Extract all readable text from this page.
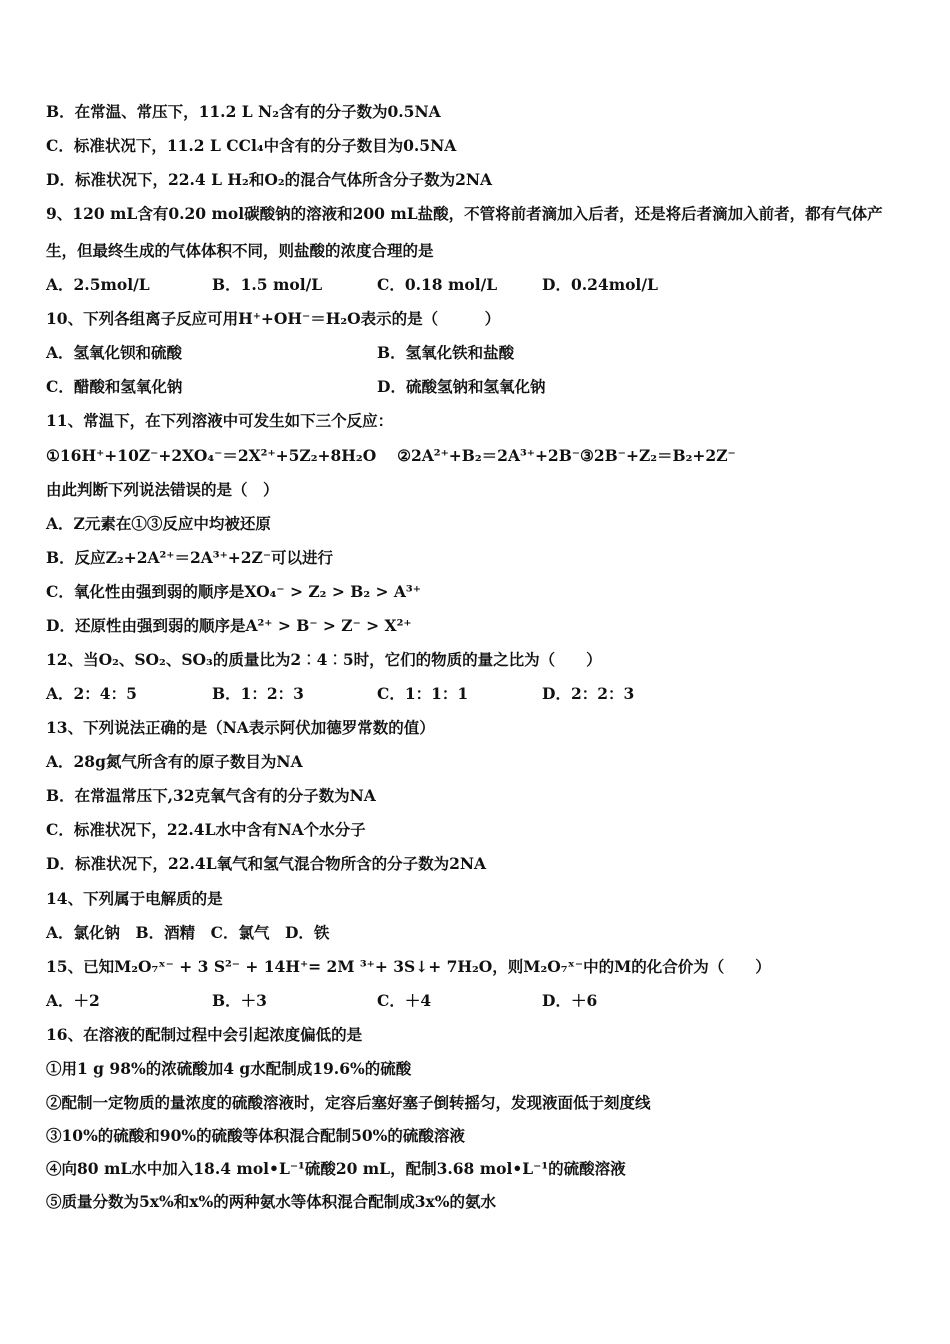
B．在常温、常压下，11.2 L N₂含有的分子数为0.5NA
C．标准状况下，11.2 L CCl₄中含有的分子数目为0.5NA
D．标准状况下，22.4 L H₂和O₂的混合气体所含分子数为2NA
9、120 mL含有0.20 mol碳酸钠的溶液和200 mL盐酸，不管将前者滴加入后者，还是将后者滴加入前者，都有气体产
生，但最终生成的气体体积不同，则盐酸的浓度合理的是
A．2.5mol/L	B．1.5 mol/L	C．0.18 mol/L	D．0.24mol/L
10、下列各组离子反应可用H⁺+OH⁻＝H₂O表示的是（　　　）
A．氢氧化钡和硫酸	B．氢氧化铁和盐酸
C．醋酸和氢氧化钠	D．硫酸氢钠和氢氧化钠
11、常温下，在下列溶液中可发生如下三个反应：
①16H⁺+10Z⁻+2XO₄⁻＝2X²⁺+5Z₂+8H₂O　 ②2A²⁺+B₂＝2A³⁺+2B⁻③2B⁻+Z₂＝B₂+2Z⁻
由此判断下列说法错误的是（　）
A．Z元素在①③反应中均被还原
B．反应Z₂+2A²⁺＝2A³⁺+2Z⁻可以进行
C．氧化性由强到弱的顺序是XO₄⁻ > Z₂ > B₂ > A³⁺
D．还原性由强到弱的顺序是A²⁺ > B⁻ > Z⁻ > X²⁺
12、当O₂、SO₂、SO₃的质量比为2︰4︰5时，它们的物质的量之比为（　　）
A．2：4：5	B．1：2：3	C．1：1：1	D．2：2：3
13、下列说法正确的是（NA表示阿伏加德罗常数的值）
A．28g氮气所含有的原子数目为NA
B．在常温常压下,32克氧气含有的分子数为NA
C．标准状况下，22.4L水中含有NA个水分子
D．标准状况下，22.4L氧气和氢气混合物所含的分子数为2NA
14、下列属于电解质的是
A．氯化钠　B．酒精　C．氯气　D．铁
15、已知M₂O₇ˣ⁻ + 3 S²⁻ + 14H⁺= 2M ³⁺+ 3S↓+ 7H₂O，则M₂O₇ˣ⁻中的M的化合价为（　　）
A．＋2	B．＋3	C．＋4	D．＋6
16、在溶液的配制过程中会引起浓度偏低的是
①用1 g 98%的浓硫酸加4 g水配制成19.6%的硫酸
②配制一定物质的量浓度的硫酸溶液时，定容后塞好塞子倒转摇匀，发现液面低于刻度线
③10%的硫酸和90%的硫酸等体积混合配制50%的硫酸溶液
④向80 mL水中加入18.4 mol•L⁻¹硫酸20 mL，配制3.68 mol•L⁻¹的硫酸溶液
⑤质量分数为5x%和x%的两种氨水等体积混合配制成3x%的氨水
